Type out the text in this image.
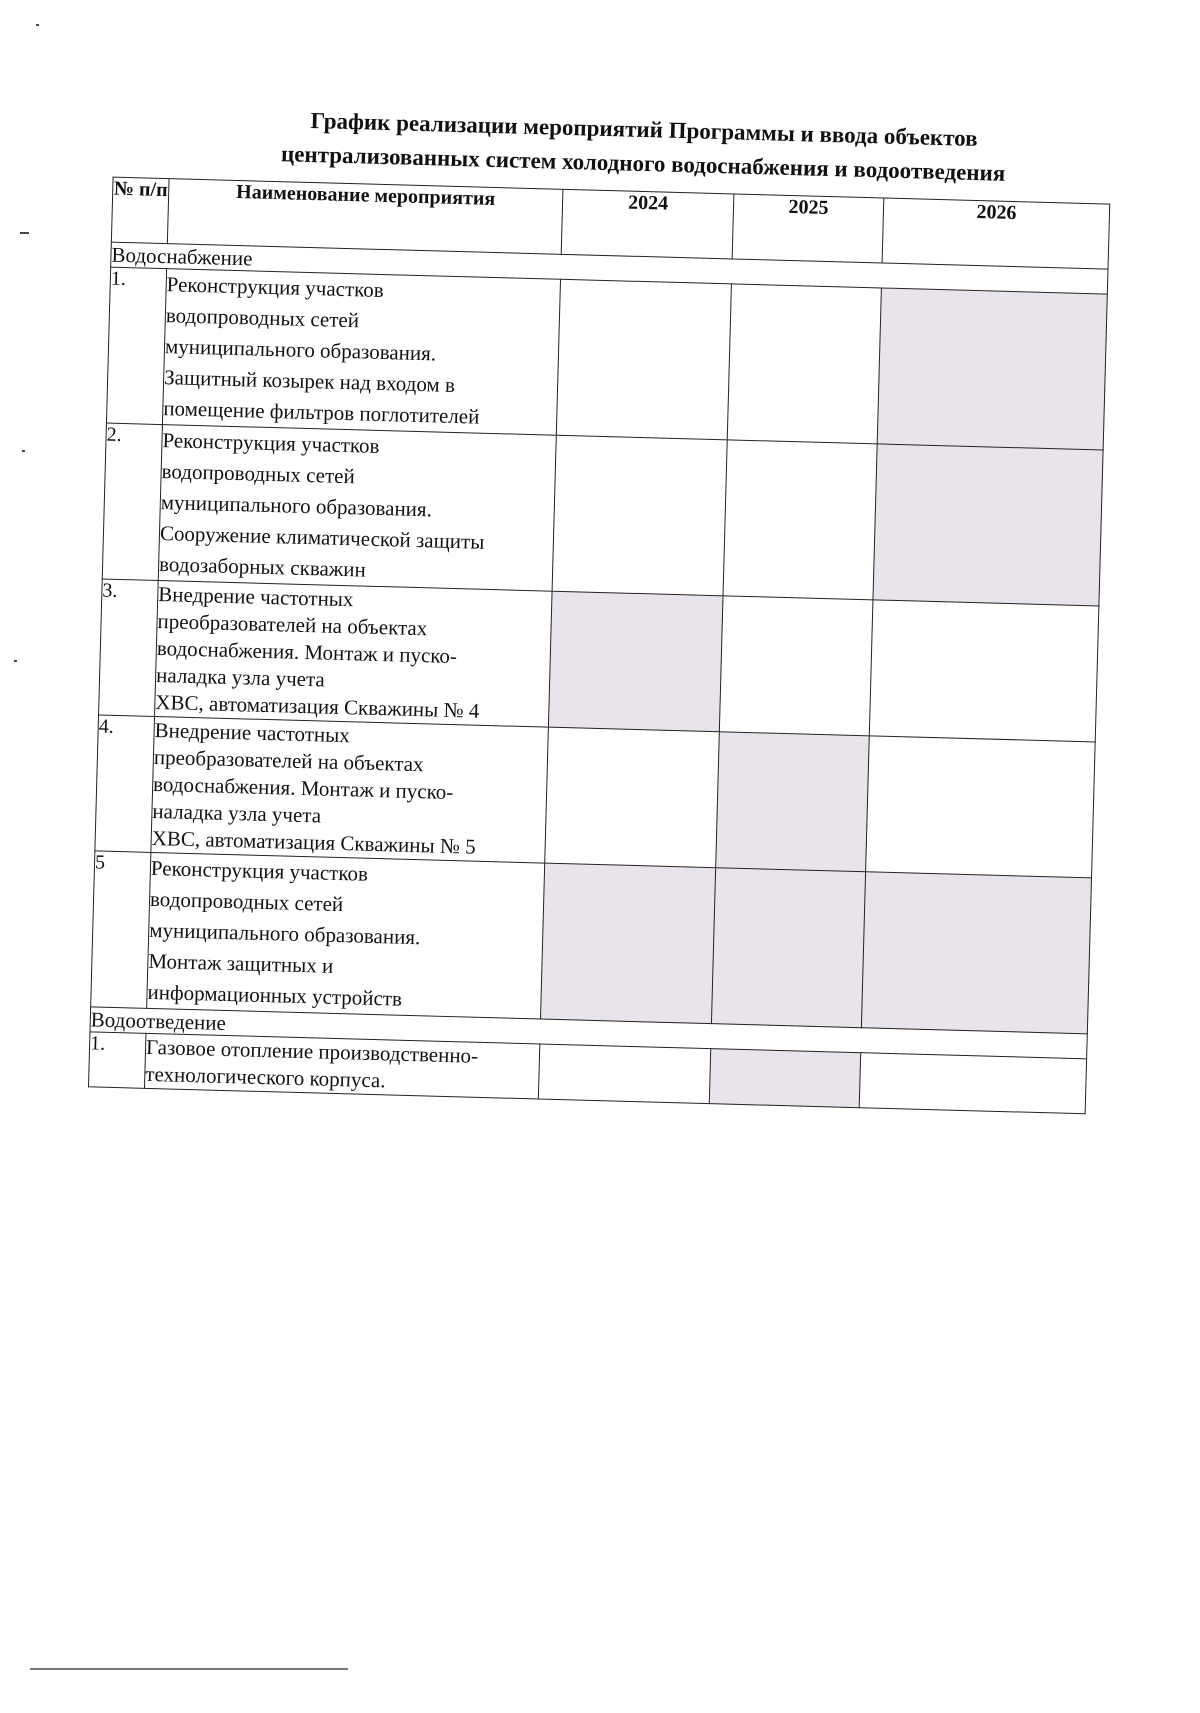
График реализации мероприятий Программы и ввода объектов
централизованных систем холодного водоснабжения и водоотведения
№ п/п	Наименование мероприятия	2024	2025	2026
Водоснабжение				
1.	Реконструкция участков
водопроводных сетей
муниципального образования.
Защитный козырек над входом в
помещение фильтров поглотителей			
2.	Реконструкция участков
водопроводных сетей
муниципального образования.
Сооружение климатической защиты
водозаборных скважин			
3.	Внедрение частотных
преобразователей на объектах
водоснабжения. Монтаж и пуско-
наладка узла учета
ХВС, автоматизация Скважины № 4			
4.	Внедрение частотных
преобразователей на объектах
водоснабжения. Монтаж и пуско-
наладка узла учета
ХВС, автоматизация Скважины № 5			
5	Реконструкция участков
водопроводных сетей
муниципального образования.
Монтаж защитных и
информационных устройств			
Водоотведение				
1.	Газовое отопление производственно-
технологического корпуса.			
